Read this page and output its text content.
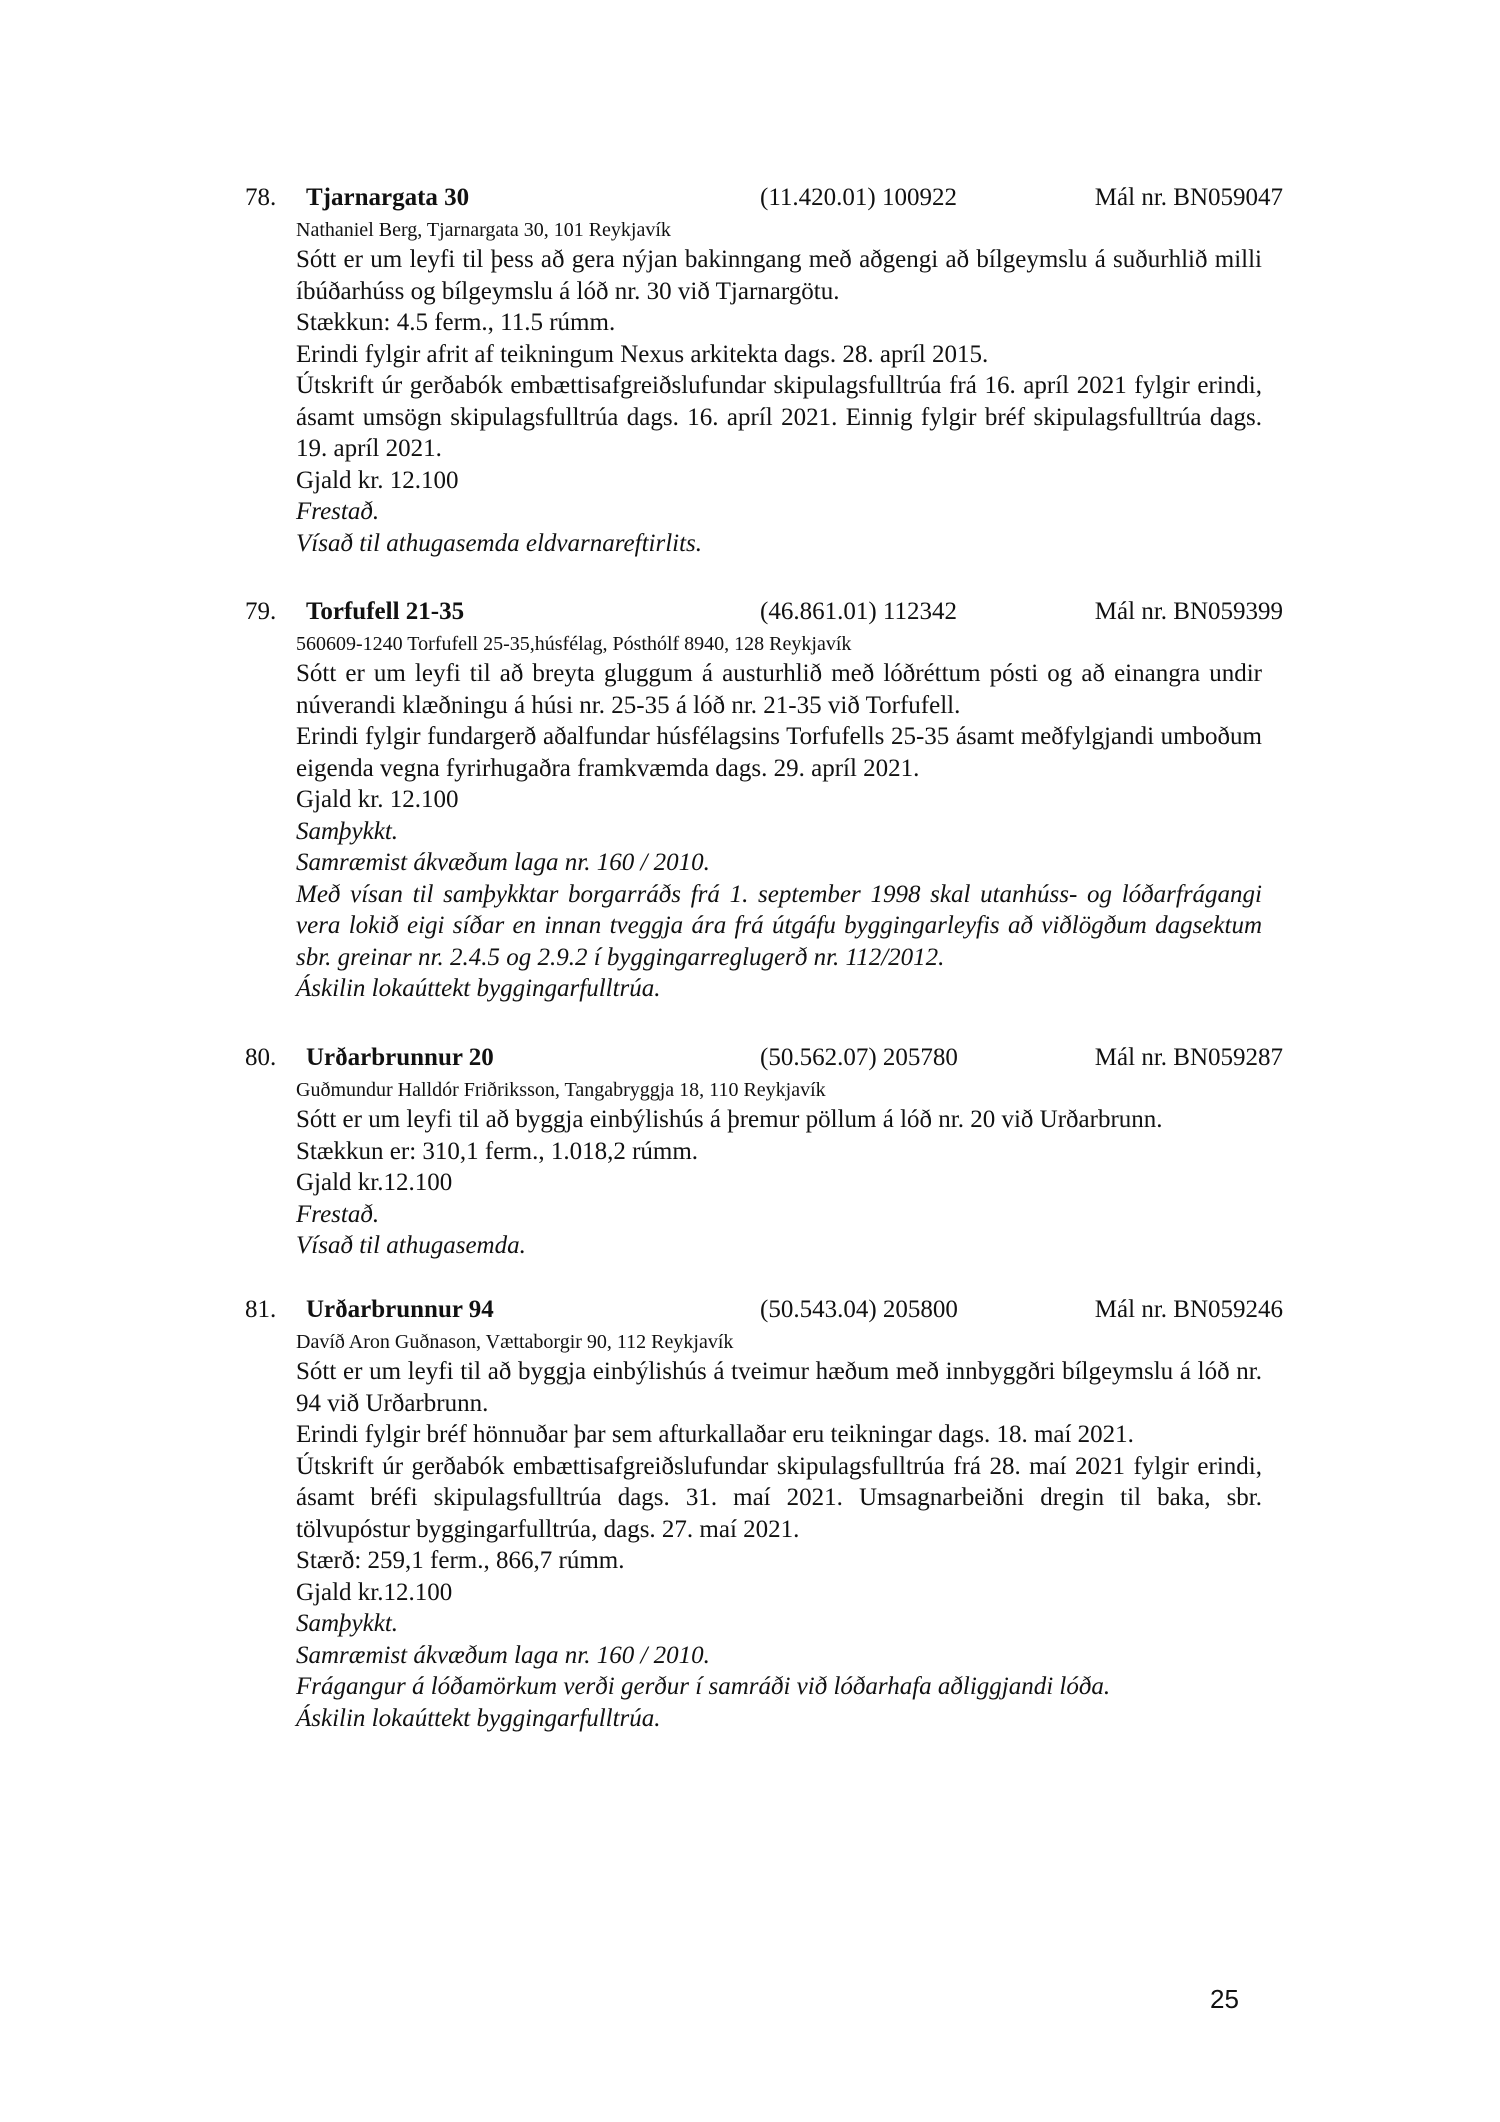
78. Tjarnargata 30	(11.420.01) 100922	Mál nr. BN059047
Nathaniel Berg, Tjarnargata 30, 101 Reykjavík

Sótt er um leyfi til þess að gera nýjan bakinngang með aðgengi að bílgeymslu á suðurhlið milli íbúðarhúss og bílgeymslu á lóð nr. 30 við Tjarnargötu.

Stækkun: 4.5 ferm., 11.5 rúmm.

Erindi fylgir afrit af teikningum Nexus arkitekta dags. 28. apríl 2015.

Útskrift úr gerðabók embættisafgreiðslufundar skipulagsfulltrúa frá 16. apríl 2021 fylgir erindi, ásamt umsögn skipulagsfulltrúa dags. 16. apríl 2021. Einnig fylgir bréf skipulagsfulltrúa dags. 19. apríl 2021.

Gjald kr. 12.100

Frestað.

Vísað til athugasemda eldvarnareftirlits.

79. Torfufell 21-35	(46.861.01) 112342	Mál nr. BN059399
560609-1240 Torfufell 25-35,húsfélag, Pósthólf 8940, 128 Reykjavík

Sótt er um leyfi til að breyta gluggum á austurhlið með lóðréttum pósti og að einangra undir núverandi klæðningu á húsi nr. 25-35 á lóð nr. 21-35 við Torfufell.

Erindi fylgir fundargerð aðalfundar húsfélagsins Torfufells 25-35 ásamt meðfylgjandi umboðum eigenda vegna fyrirhugaðra framkvæmda dags. 29. apríl 2021.

Gjald kr. 12.100

Samþykkt.

Samræmist ákvæðum laga nr. 160 / 2010.

Með vísan til samþykktar borgarráðs frá 1. september 1998 skal utanhúss- og lóðarfrágangi vera lokið eigi síðar en innan tveggja ára frá útgáfu byggingarleyfis að viðlögðum dagsektum sbr. greinar nr. 2.4.5 og 2.9.2 í byggingarreglugerð nr. 112/2012.

Áskilin lokaúttekt byggingarfulltrúa.

80. Urðarbrunnur 20	(50.562.07) 205780	Mál nr. BN059287
Guðmundur Halldór Friðriksson, Tangabryggja 18, 110 Reykjavík

Sótt er um leyfi til að byggja einbýlishús á þremur pöllum á lóð nr. 20 við Urðarbrunn.

Stækkun er: 310,1 ferm., 1.018,2 rúmm.

Gjald kr.12.100

Frestað.

Vísað til athugasemda.

81. Urðarbrunnur 94	(50.543.04) 205800	Mál nr. BN059246
Davíð Aron Guðnason, Vættaborgir 90, 112 Reykjavík

Sótt er um leyfi til að byggja einbýlishús á tveimur hæðum með innbyggðri bílgeymslu á lóð nr. 94 við Urðarbrunn.

Erindi fylgir bréf hönnuðar þar sem afturkallaðar eru teikningar dags. 18. maí 2021.

Útskrift úr gerðabók embættisafgreiðslufundar skipulagsfulltrúa frá 28. maí 2021 fylgir erindi, ásamt bréfi skipulagsfulltrúa dags. 31. maí 2021. Umsagnarbeiðni dregin til baka, sbr. tölvupóstur byggingarfulltrúa, dags. 27. maí 2021.

Stærð: 259,1 ferm., 866,7 rúmm.

Gjald kr.12.100

Samþykkt.

Samræmist ákvæðum laga nr. 160 / 2010.

Frágangur á lóðamörkum verði gerður í samráði við lóðarhafa aðliggjandi lóða.

Áskilin lokaúttekt byggingarfulltrúa.

25
